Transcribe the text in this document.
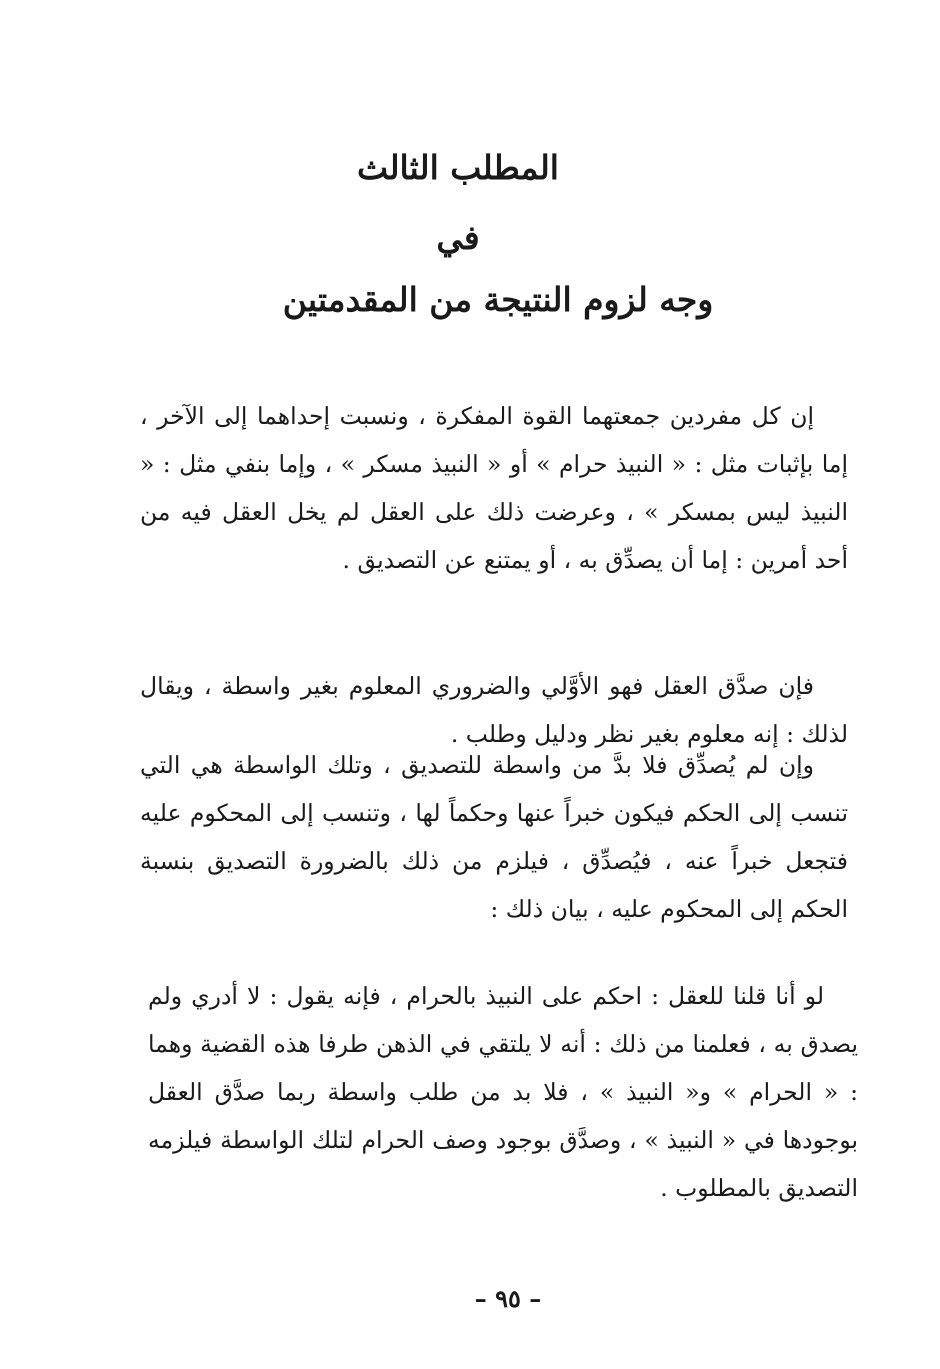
المطلب الثالث
في
وجه لزوم النتيجة من المقدمتين

إن كل مفردين جمعتهما القوة المفكرة ، ونسبت إحداهما إلى الآخر ، إما بإثبات مثل : « النبيذ حرام » أو « النبيذ مسكر » ، وإما بنفي مثل : « النبيذ ليس بمسكر » ، وعرضت ذلك على العقل لم يخل العقل فيه من أحد أمرين : إما أن يصدِّق به ، أو يمتنع عن التصديق .

فإن صدَّق العقل فهو الأوَّلي والضروري المعلوم بغير واسطة ، ويقال لذلك : إنه معلوم بغير نظر ودليل وطلب .

وإن لم يُصدِّق فلا بدَّ من واسطة للتصديق ، وتلك الواسطة هي التي تنسب إلى الحكم فيكون خبراً عنها وحكماً لها ، وتنسب إلى المحكوم عليه فتجعل خبراً عنه ، فيُصدِّق ، فيلزم من ذلك بالضرورة التصديق بنسبة الحكم إلى المحكوم عليه ، بيان ذلك :

لو أنا قلنا للعقل : احكم على النبيذ بالحرام ، فإنه يقول : لا أدري ولم يصدق به ، فعلمنا من ذلك : أنه لا يلتقي في الذهن طرفا هذه القضية وهما : « الحرام » و« النبيذ » ، فلا بد من طلب واسطة ربما صدَّق العقل بوجودها في « النبيذ » ، وصدَّق بوجود وصف الحرام لتلك الواسطة فيلزمه التصديق بالمطلوب .

– ٩٥ –
